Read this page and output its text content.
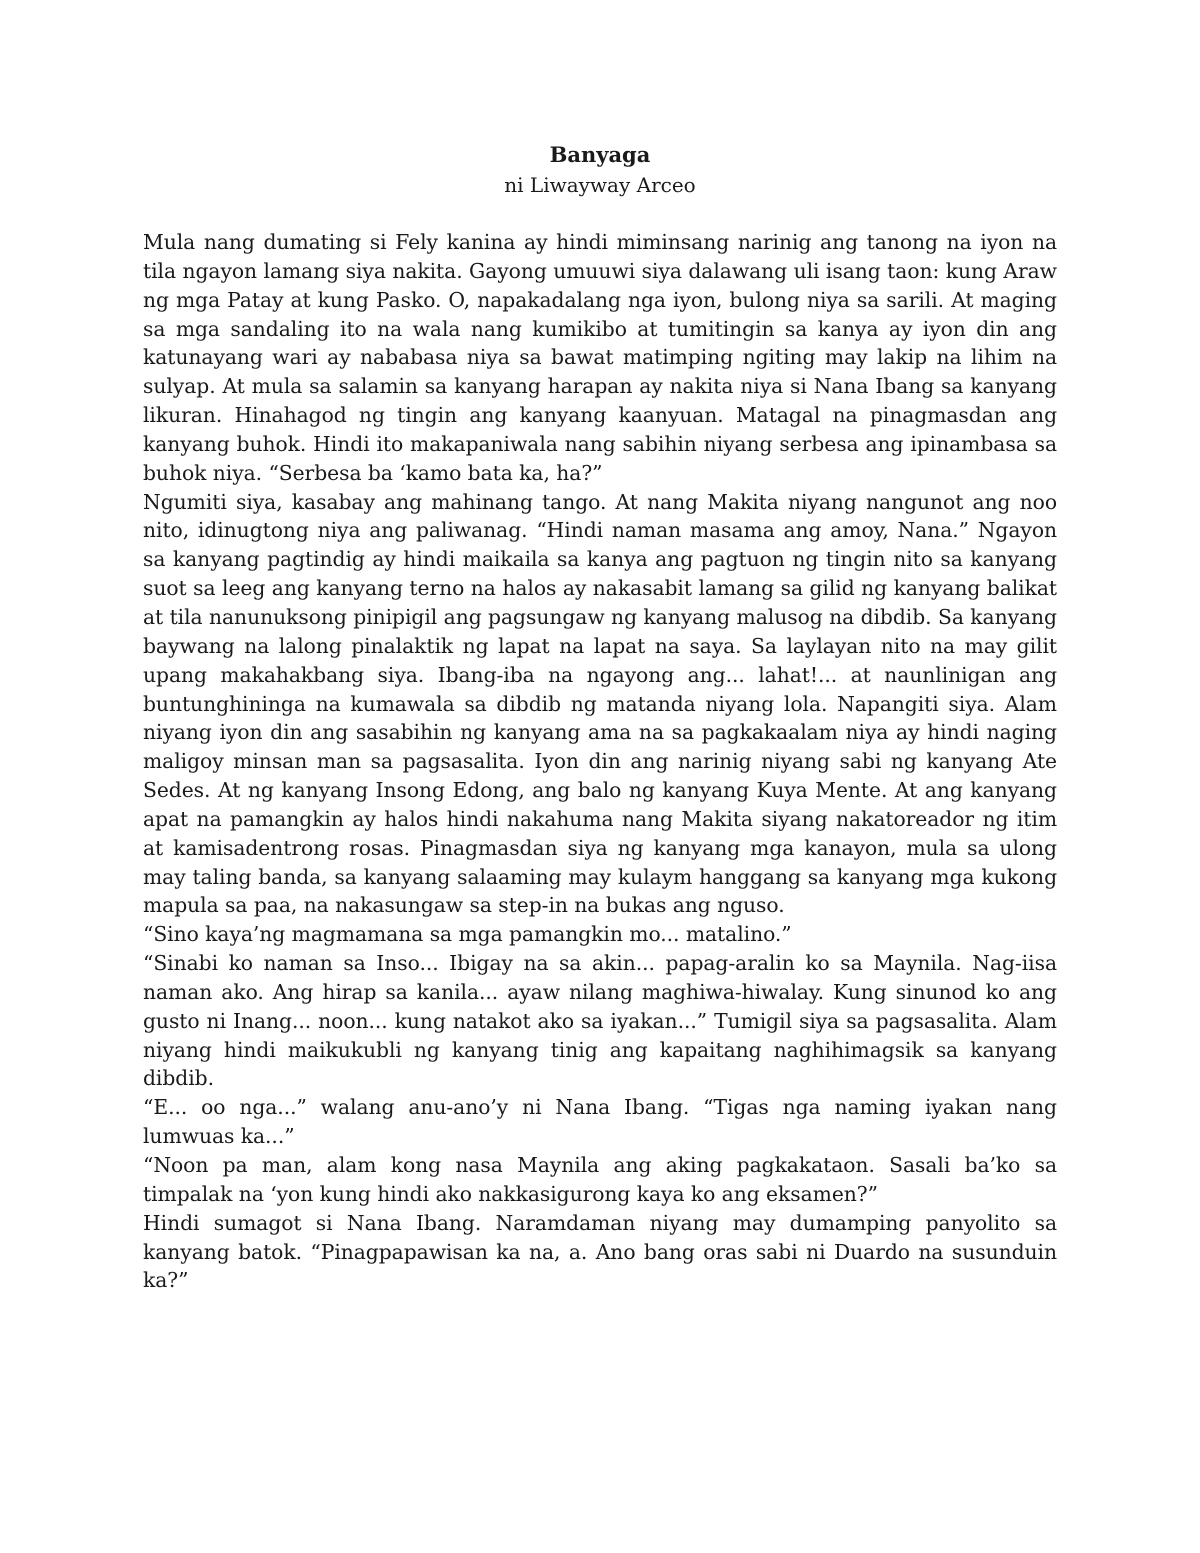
Banyaga
ni Liwayway Arceo

Mula nang dumating si Fely kanina ay hindi miminsang narinig ang tanong na iyon na tila ngayon lamang siya nakita. Gayong umuuwi siya dalawang uli isang taon: kung Araw ng mga Patay at kung Pasko. O, napakadalang nga iyon, bulong niya sa sarili. At maging sa mga sandaling ito na wala nang kumikibo at tumitingin sa kanya ay iyon din ang katunayang wari ay nababasa niya sa bawat matimping ngiting may lakip na lihim na sulyap. At mula sa salamin sa kanyang harapan ay nakita niya si Nana Ibang sa kanyang likuran. Hinahagod ng tingin ang kanyang kaanyuan. Matagal na pinagmasdan ang kanyang buhok. Hindi ito makapaniwala nang sabihin niyang serbesa ang ipinambasa sa buhok niya. “Serbesa ba ‘kamo bata ka, ha?”

Ngumiti siya, kasabay ang mahinang tango. At nang Makita niyang nangunot ang noo nito, idinugtong niya ang paliwanag. “Hindi naman masama ang amoy, Nana.” Ngayon sa kanyang pagtindig ay hindi maikaila sa kanya ang pagtuon ng tingin nito sa kanyang suot sa leeg ang kanyang terno na halos ay nakasabit lamang sa gilid ng kanyang balikat at tila nanunuksong pinipigil ang pagsungaw ng kanyang malusog na dibdib. Sa kanyang baywang na lalong pinalaktik ng lapat na lapat na saya. Sa laylayan nito na may gilit upang makahakbang siya. Ibang-iba na ngayong ang... lahat!... at naunlinigan ang buntunghininga na kumawala sa dibdib ng matanda niyang lola. Napangiti siya. Alam niyang iyon din ang sasabihin ng kanyang ama na sa pagkakaalam niya ay hindi naging maligoy minsan man sa pagsasalita. Iyon din ang narinig niyang sabi ng kanyang Ate Sedes. At ng kanyang Insong Edong, ang balo ng kanyang Kuya Mente. At ang kanyang apat na pamangkin ay halos hindi nakahuma nang Makita siyang nakatoreador ng itim at kamisadentrong rosas. Pinagmasdan siya ng kanyang mga kanayon, mula sa ulong may taling banda, sa kanyang salaaming may kulaym hanggang sa kanyang mga kukong mapula sa paa, na nakasungaw sa step-in na bukas ang nguso.

“Sino kaya’ng magmamana sa mga pamangkin mo... matalino.”

“Sinabi ko naman sa Inso... Ibigay na sa akin... papag-aralin ko sa Maynila. Nag-iisa naman ako. Ang hirap sa kanila... ayaw nilang maghiwa-hiwalay. Kung sinunod ko ang gusto ni Inang... noon... kung natakot ako sa iyakan...” Tumigil siya sa pagsasalita. Alam niyang hindi maikukubli ng kanyang tinig ang kapaitang naghihimagsik sa kanyang dibdib.

“E... oo nga...” walang anu-ano’y ni Nana Ibang. “Tigas nga naming iyakan nang lumwuas ka...”

“Noon pa man, alam kong nasa Maynila ang aking pagkakataon. Sasali ba’ko sa timpalak na ‘yon kung hindi ako nakkasigurong kaya ko ang eksamen?”

Hindi sumagot si Nana Ibang. Naramdaman niyang may dumamping panyolito sa kanyang batok. “Pinagpapawisan ka na, a. Ano bang oras sabi ni Duardo na susunduin ka?”
